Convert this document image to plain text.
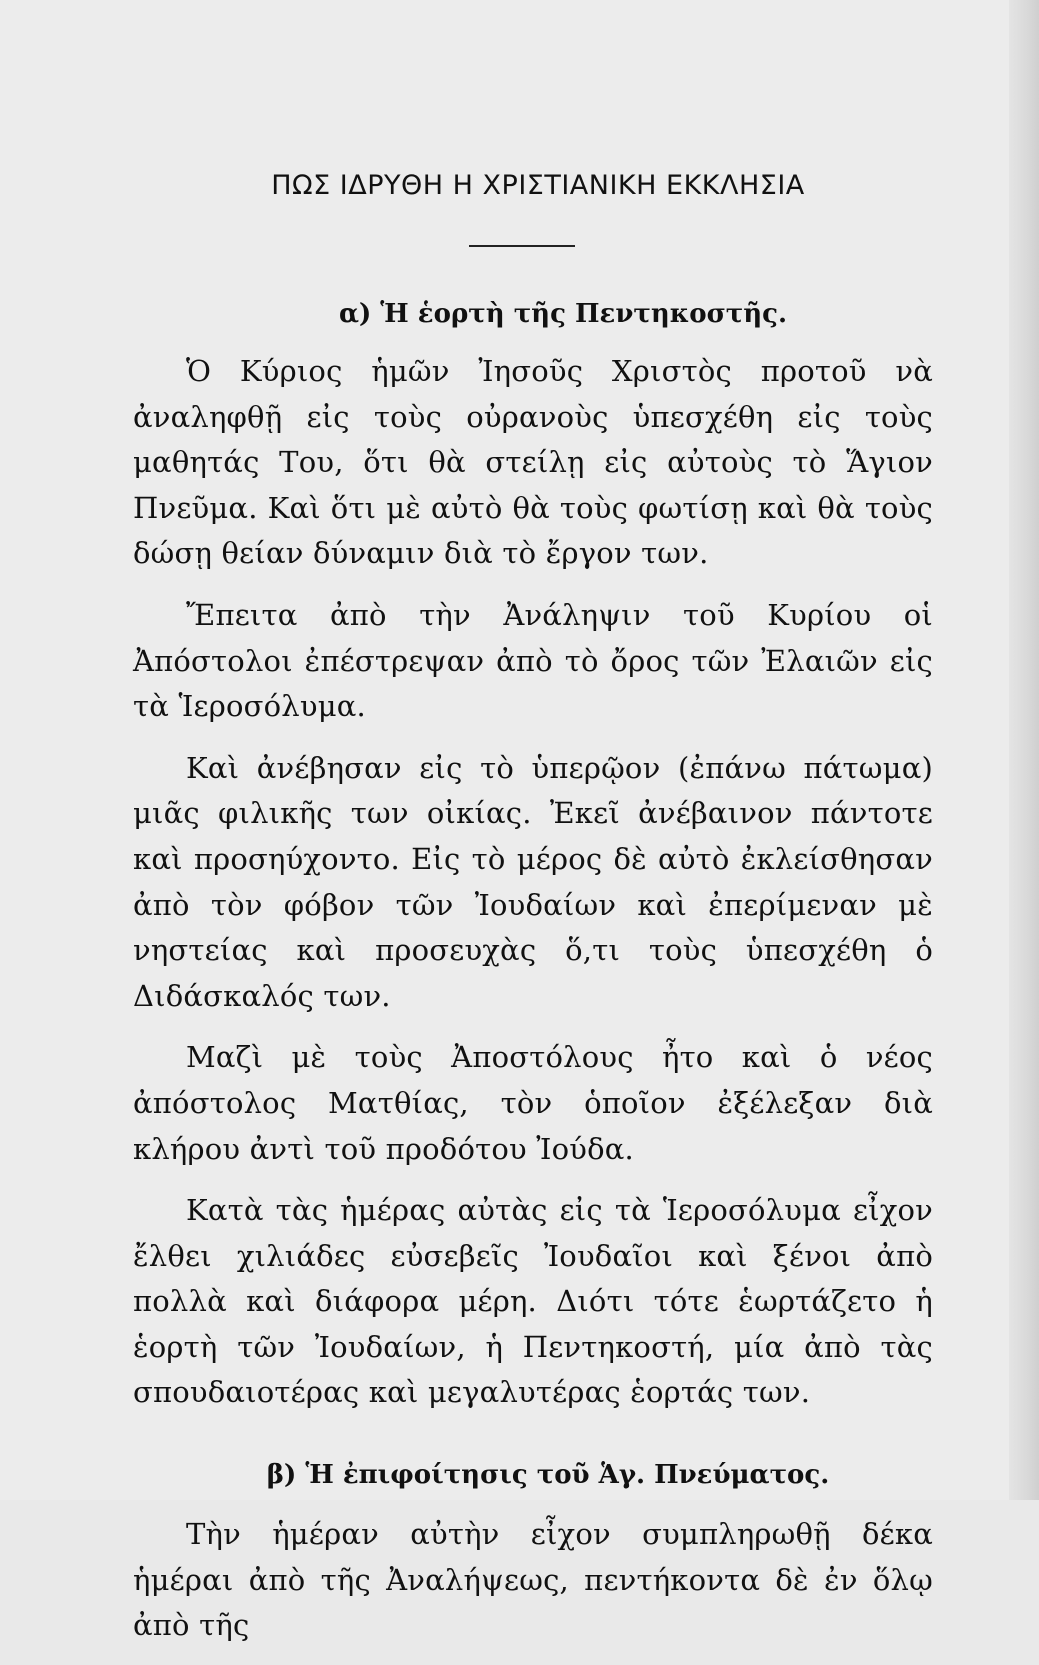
ΠΩΣ ΙΔΡΥΘΗ Η ΧΡΙΣΤΙΑΝΙΚΗ ΕΚΚΛΗΣΙΑ
α) Ἡ ἑορτὴ τῆς Πεντηκοστῆς.

Ὁ Κύριος ἡμῶν Ἰησοῦς Χριστὸς προτοῦ νὰ ἀναληφθῇ εἰς τοὺς οὐρανοὺς ὑπεσχέθη εἰς τοὺς μαθητάς Του, ὅτι θὰ στείλῃ εἰς αὐτοὺς τὸ Ἅγιον Πνεῦμα. Καὶ ὅτι μὲ αὐτὸ θὰ τοὺς φωτίσῃ καὶ θὰ τοὺς δώσῃ θείαν δύναμιν διὰ τὸ ἔργον των.

Ἔπειτα ἀπὸ τὴν Ἀνάληψιν τοῦ Κυρίου οἱ Ἀπόστολοι ἐπέστρεψαν ἀπὸ τὸ ὄρος τῶν Ἐλαιῶν εἰς τὰ Ἱεροσόλυμα.

Καὶ ἀνέβησαν εἰς τὸ ὑπερῷον (ἐπάνω πάτωμα) μιᾶς φιλικῆς των οἰκίας. Ἐκεῖ ἀνέβαινον πάντοτε καὶ προσηύχοντο. Εἰς τὸ μέρος δὲ αὐτὸ ἐκλείσθησαν ἀπὸ τὸν φόβον τῶν Ἰουδαίων καὶ ἐπερίμεναν μὲ νηστείας καὶ προσευχὰς ὅ,τι τοὺς ὑπεσχέθη ὁ Διδάσκαλός των.

Μαζὶ μὲ τοὺς Ἀποστόλους ἦτο καὶ ὁ νέος ἀπόστολος Ματθίας, τὸν ὁποῖον ἐξέλεξαν διὰ κλήρου ἀντὶ τοῦ προδότου Ἰούδα.

Κατὰ τὰς ἡμέρας αὐτὰς εἰς τὰ Ἱεροσόλυμα εἶχον ἔλθει χιλιάδες εὐσεβεῖς Ἰουδαῖοι καὶ ξένοι ἀπὸ πολλὰ καὶ διάφορα μέρη. Διότι τότε ἑωρτάζετο ἡ ἑορτὴ τῶν Ἰουδαίων, ἡ Πεντηκοστή, μία ἀπὸ τὰς σπουδαιοτέρας καὶ μεγαλυτέρας ἑορτάς των.

β) Ἡ ἐπιφοίτησις τοῦ Ἁγ. Πνεύματος.

Τὴν ἡμέραν αὐτὴν εἶχον συμπληρωθῇ δέκα ἡμέραι ἀπὸ τῆς Ἀναλήψεως, πεντήκοντα δὲ ἐν ὅλῳ ἀπὸ τῆς
